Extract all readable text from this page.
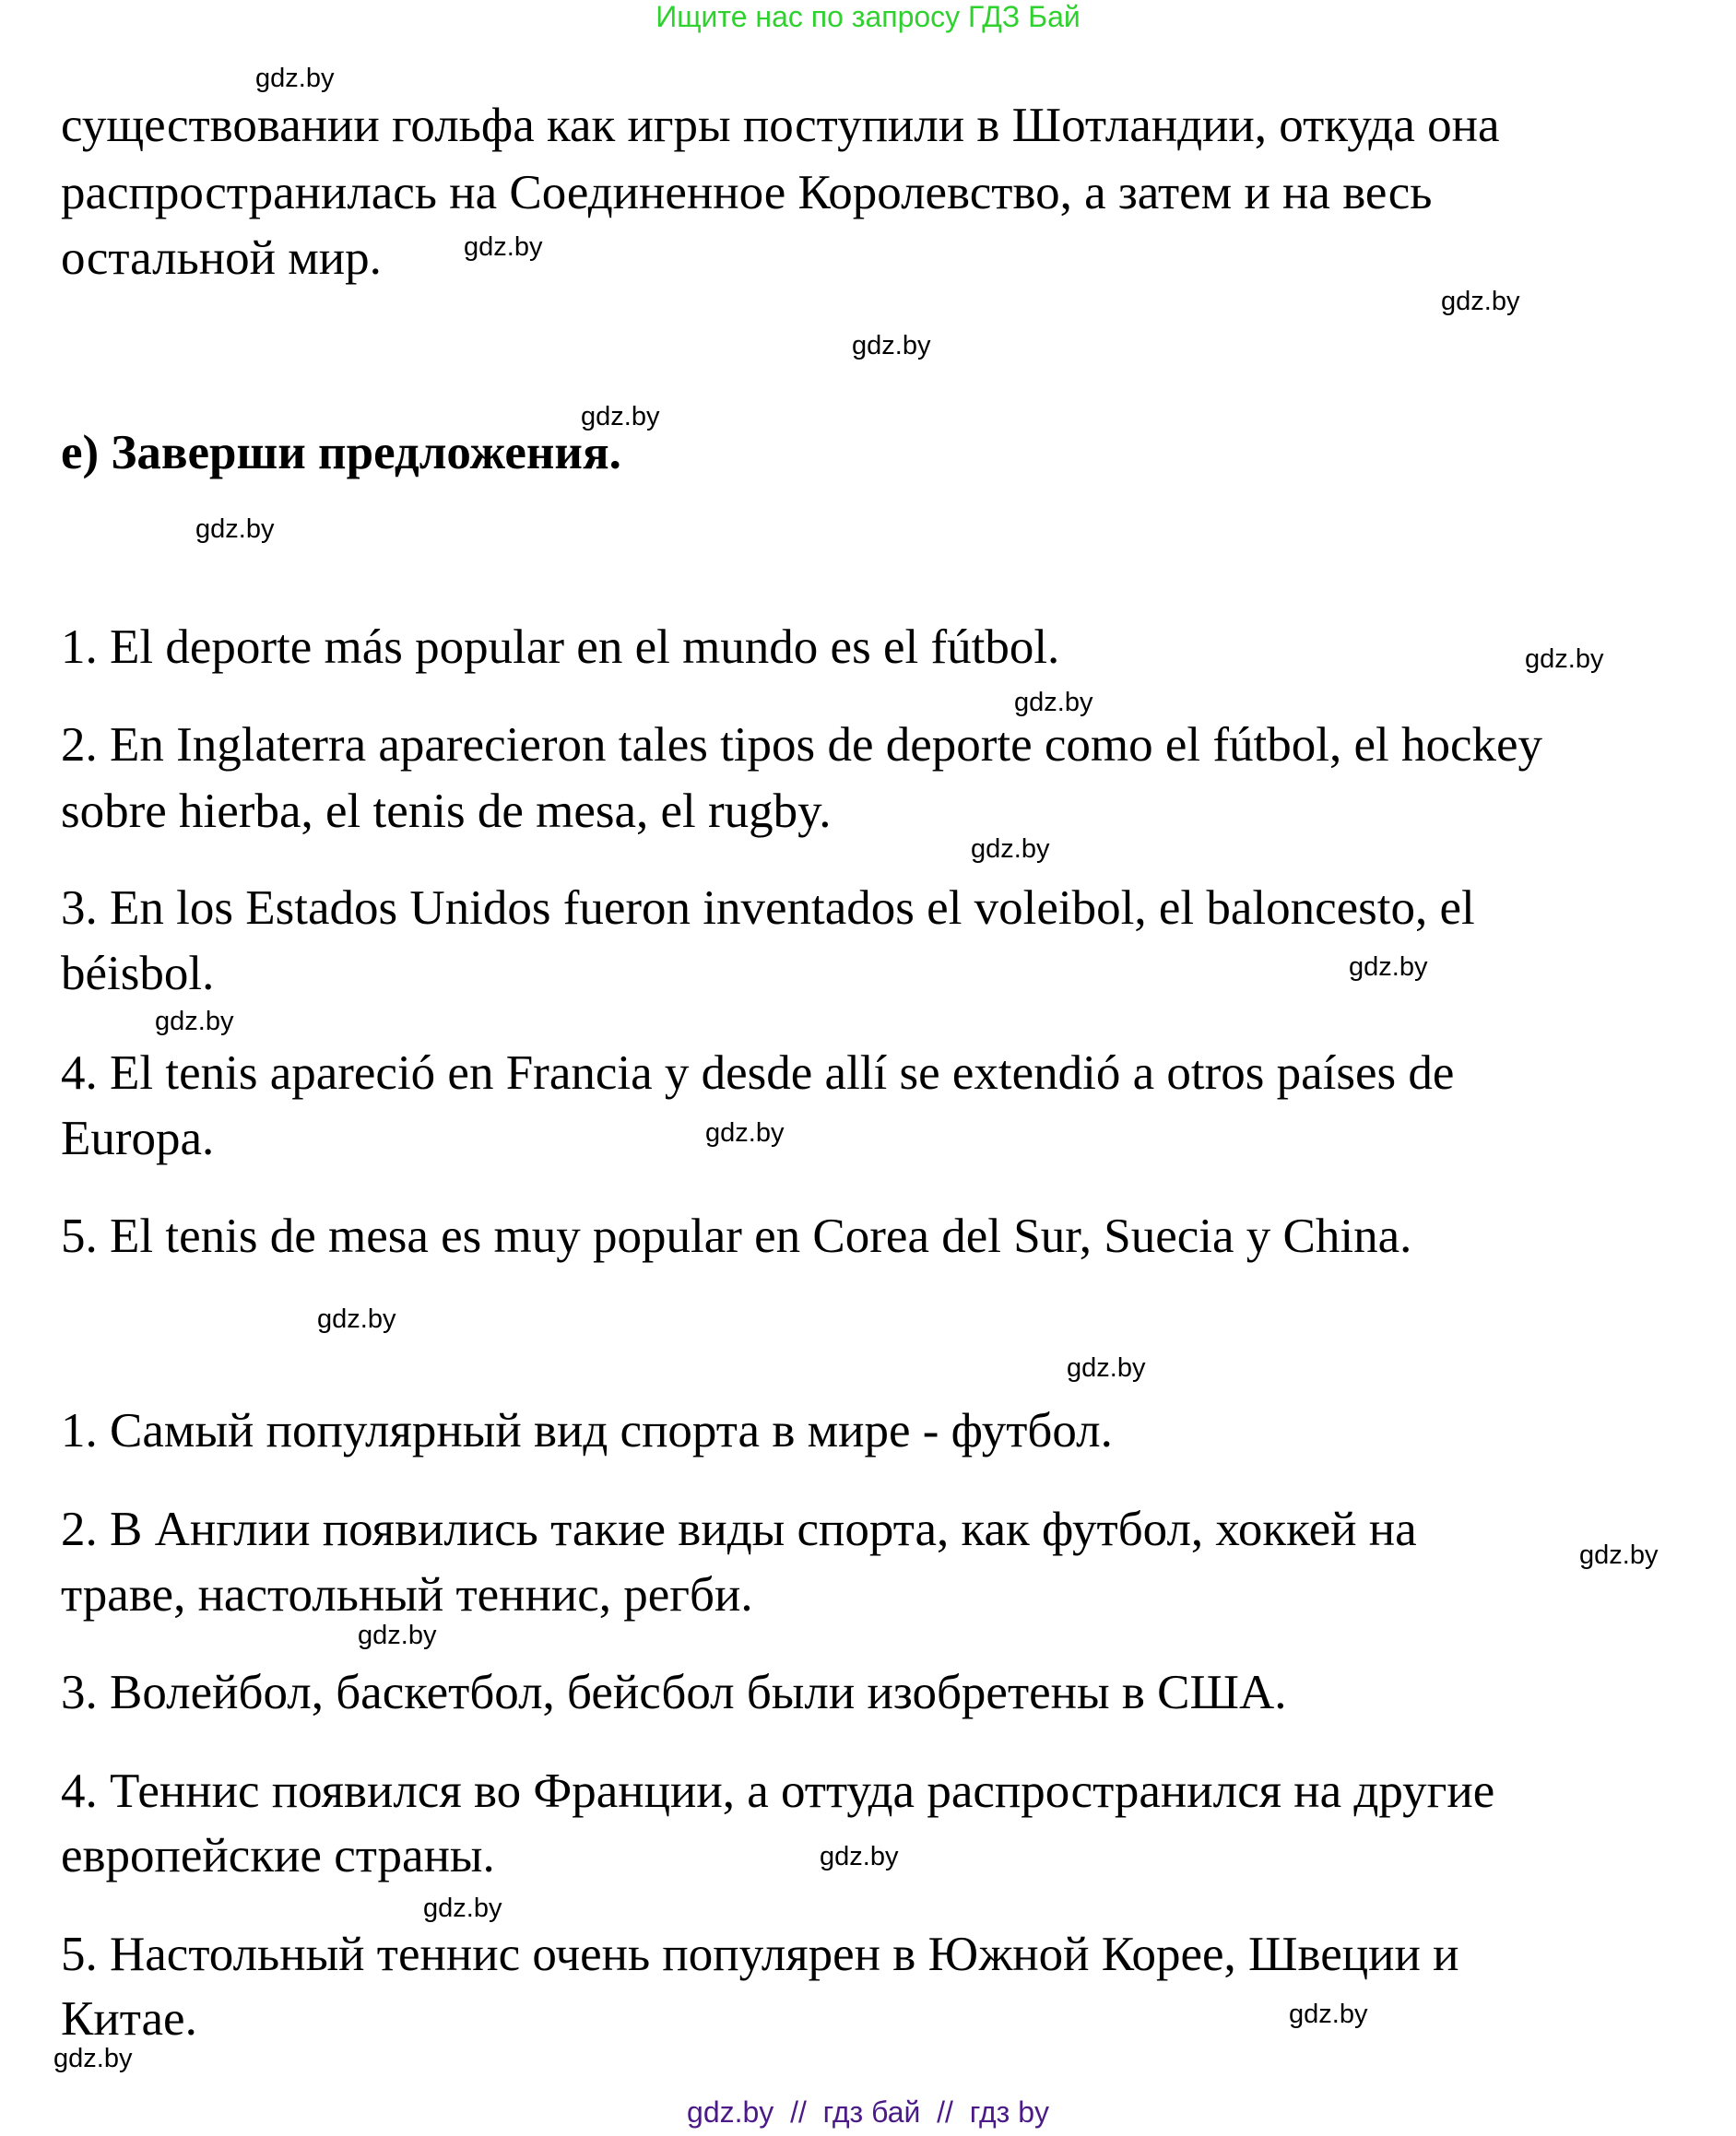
Ищите нас по запросу ГДЗ Бай
существовании гольфа как игры поступили в Шотландии, откуда она
распространилась на Соединенное Королевство, а затем и на весь
остальной мир.
е) Заверши предложения.
1. El deporte más popular en el mundo es el fútbol.
2. En Inglaterra aparecieron tales tipos de deporte como el fútbol, el hockey
sobre hierba, el tenis de mesa, el rugby.
3. En los Estados Unidos fueron inventados el voleibol, el baloncesto, el
béisbol.
4. El tenis apareció en Francia y desde allí se extendió a otros países de
Europa.
5. El tenis de mesa es muy popular en Corea del Sur, Suecia y China.
1. Самый популярный вид спорта в мире - футбол.
2. В Англии появились такие виды спорта, как футбол, хоккей на
траве, настольный теннис, регби.
3. Волейбол, баскетбол, бейсбол были изобретены в США.
4. Теннис появился во Франции, а оттуда распространился на другие
европейские страны.
5. Настольный теннис очень популярен в Южной Корее, Швеции и
Китае.
gdz.by
gdz.by
gdz.by
gdz.by
gdz.by
gdz.by
gdz.by
gdz.by
gdz.by
gdz.by
gdz.by
gdz.by
gdz.by
gdz.by
gdz.by
gdz.by
gdz.by
gdz.by
gdz.by
gdz.by
gdz.by  //  гдз бай  //  гдз by
